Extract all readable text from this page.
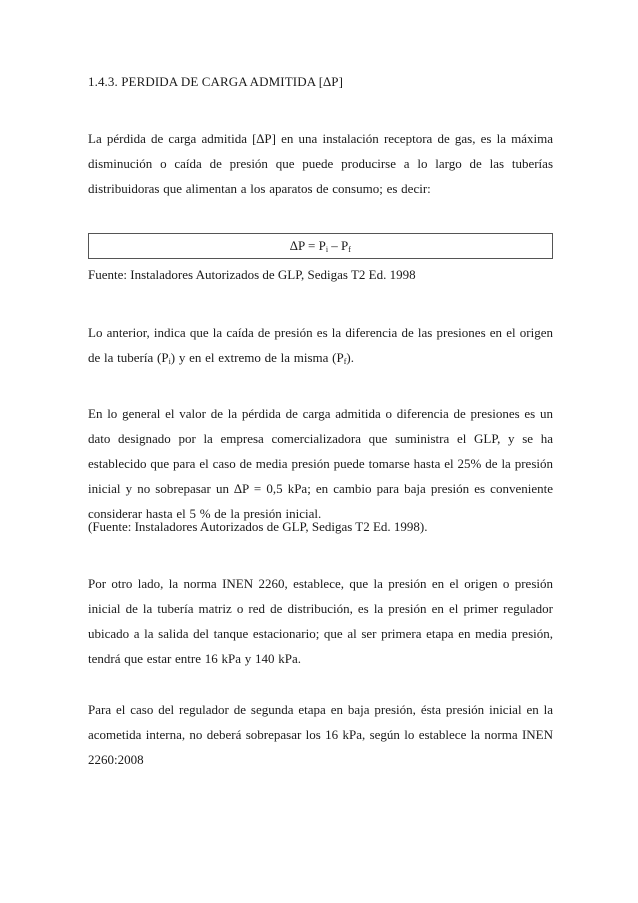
1.4.3. PERDIDA DE CARGA ADMITIDA [∆P]

La pérdida de carga admitida [∆P] en una instalación receptora de gas, es la máxima disminución o caída de presión que puede producirse a lo largo de las tuberías distribuidoras que alimentan a los aparatos de consumo; es decir:

$\Delta P = P_i - P_f$

Fuente: Instaladores Autorizados de GLP, Sedigas T2 Ed. 1998

Lo anterior, indica que la caída de presión es la diferencia de las presiones en el origen de la tubería (Pi) y en el extremo de la misma (Pf).

En lo general el valor de la pérdida de carga admitida o diferencia de presiones es un dato designado por la empresa comercializadora que suministra el GLP, y se ha establecido que para el caso de media presión puede tomarse hasta el 25% de la presión inicial y no sobrepasar un ∆P = 0,5 kPa; en cambio para baja presión es conveniente considerar hasta el 5 % de la presión inicial.

(Fuente: Instaladores Autorizados de GLP, Sedigas T2 Ed. 1998).

Por otro lado, la norma INEN 2260, establece, que la presión en el origen o presión inicial de la tubería matriz o red de distribución, es la presión en el primer regulador ubicado a la salida del tanque estacionario; que al ser primera etapa en media presión, tendrá que estar entre 16 kPa y 140 kPa.

Para el caso del regulador de segunda etapa en baja presión, ésta presión inicial en la acometida interna, no deberá sobrepasar los 16 kPa, según lo establece la norma INEN 2260:2008
